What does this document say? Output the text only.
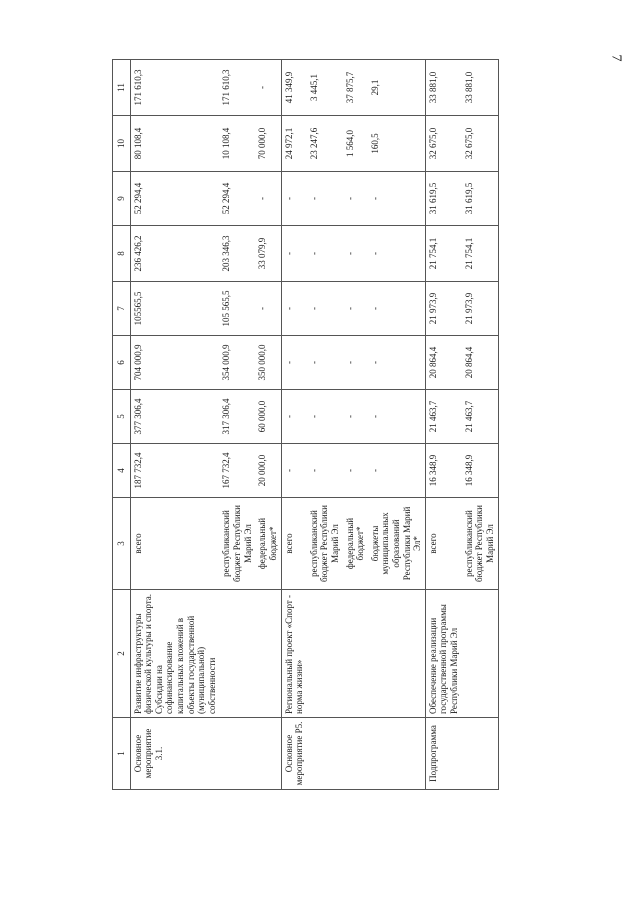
7
1	2	3	4	5	6	7	8	9	10	11
Основное мероприятие 3.1.	Развитие инфраструктуры физической культуры и спорта. Субсидии на софинансирование капитальных вложений в объекты государственной (муниципальной) собственности	всего	187 732,4	377 306,4	704 000,9	105565,5	236 426,2	52 294,4	80 108,4	171 610,3
		республиканский бюджет Республики Марий Эл	167 732,4	317 306,4	354 000,9	105 565,5	203 346,3	52 294,4	10 108,4	171 610,3
		федеральный бюджет*	20 000,0	60 000,0	350 000,0	-	33 079,9	-	70 000,0	-
Основное мероприятие Р5.	Региональный проект «Спорт - норма жизни»	всего	-	-	-	-	-	-	24 972,1	41 349,9
		республиканский бюджет Республики Марий Эл	-	-	-	-	-	-	23 247,6	3 445,1
		федеральный бюджет*	-	-	-	-	-	-	1 564,0	37 875,7
		бюджеты муниципальных образований Республики Марий Эл*	-	-	-	-	-	-	160,5	29,1
Подпрограмма	Обеспечение реализации государственной программы Республики Марий Эл	всего	16 348,9	21 463,7	20 864,4	21 973,9	21 754,1	31 619,5	32 675,0	33 881,0
		республиканский бюджет Республики Марий Эл	16 348,9	21 463,7	20 864,4	21 973,9	21 754,1	31 619,5	32 675,0	33 881,0
